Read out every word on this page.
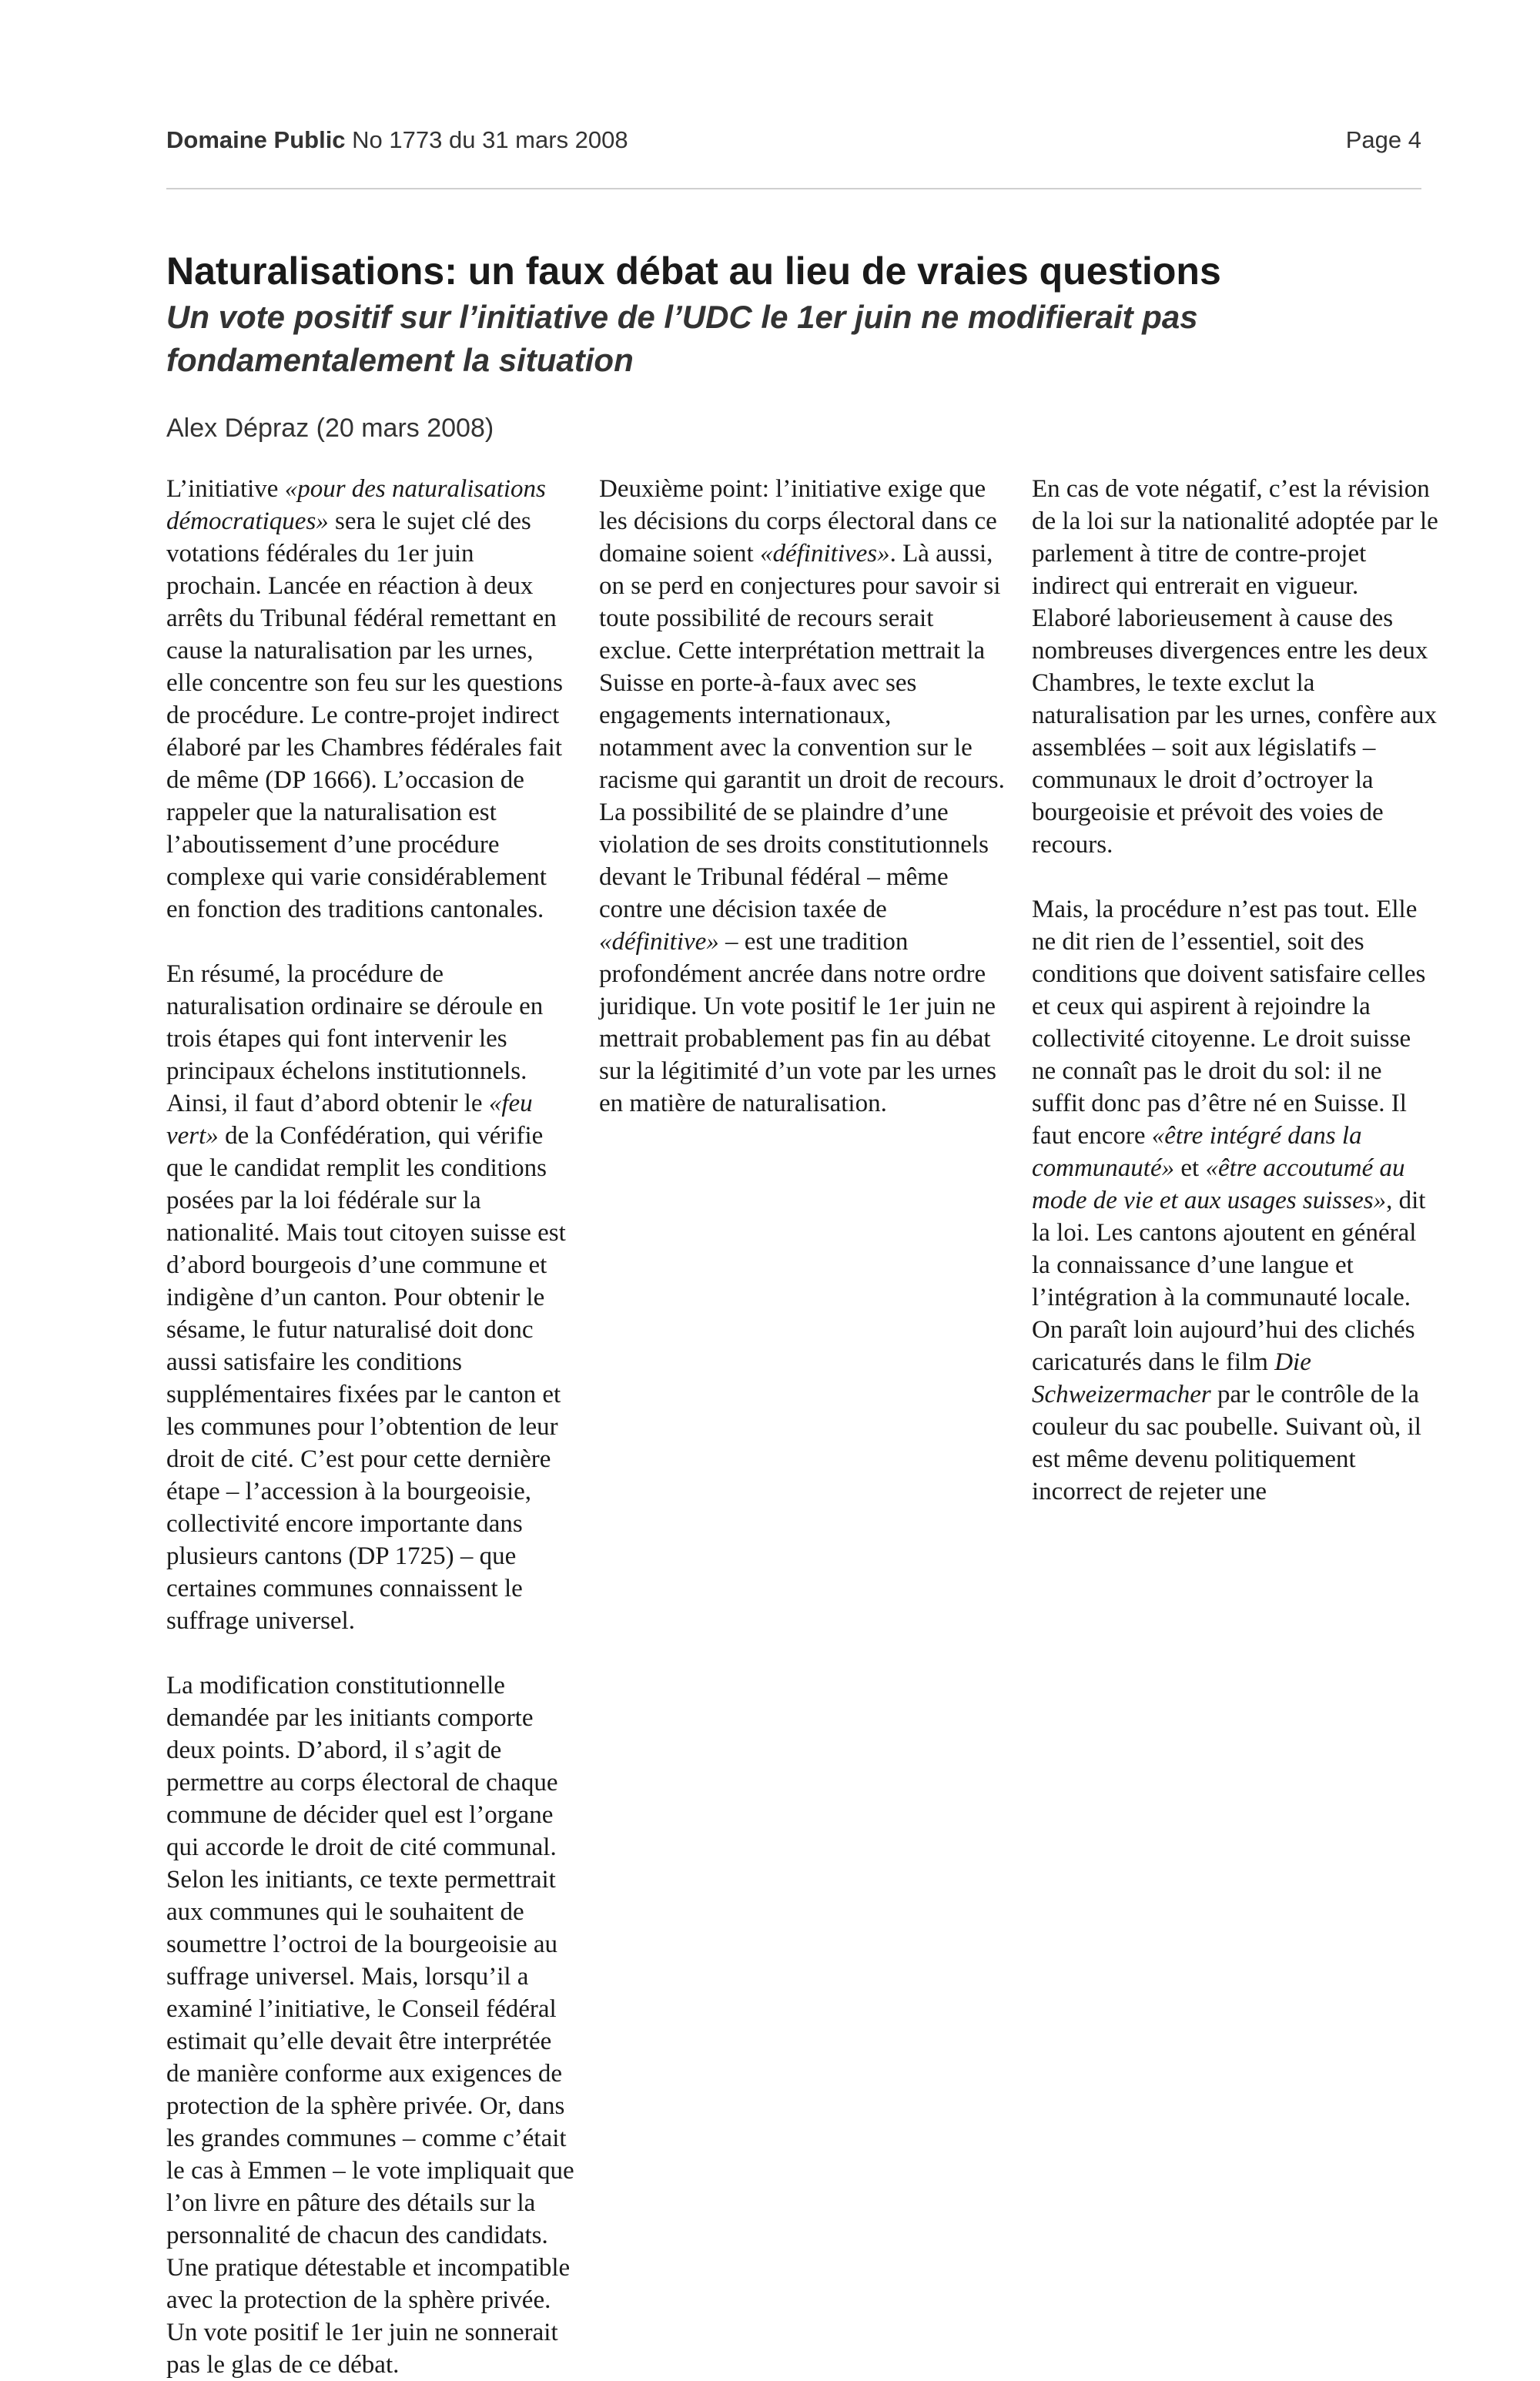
Domaine Public No 1773 du 31 mars 2008	Page 4
Naturalisations: un faux débat au lieu de vraies questions
Un vote positif sur l’initiative de l’UDC le 1er juin ne modifierait pas fondamentalement la situation
Alex Dépraz (20 mars 2008)

L’initiative «pour des naturalisations démocratiques» sera le sujet clé des votations fédérales du 1er juin prochain. Lancée en réaction à deux arrêts du Tribunal fédéral remettant en cause la naturalisation par les urnes, elle concentre son feu sur les questions de procédure. Le contre-projet indirect élaboré par les Chambres fédérales fait de même (DP 1666). L’occasion de rappeler que la naturalisation est l’aboutissement d’une procédure complexe qui varie considérablement en fonction des traditions cantonales.

En résumé, la procédure de naturalisation ordinaire se déroule en trois étapes qui font intervenir les principaux échelons institutionnels. Ainsi, il faut d’abord obtenir le «feu vert» de la Confédération, qui vérifie que le candidat remplit les conditions posées par la loi fédérale sur la nationalité. Mais tout citoyen suisse est d’abord bourgeois d’une commune et indigène d’un canton. Pour obtenir le sésame, le futur naturalisé doit donc aussi satisfaire les conditions supplémentaires fixées par le canton et les communes pour l’obtention de leur droit de cité. C’est pour cette dernière étape – l’accession à la bourgeoisie, collectivité encore importante dans plusieurs cantons (DP 1725) – que certaines communes connaissent le suffrage universel.

La modification constitutionnelle demandée par les initiants comporte deux points. D’abord, il s’agit de permettre au corps électoral de chaque commune de décider quel est l’organe qui accorde le droit de cité communal. Selon les initiants, ce texte permettrait aux communes qui le souhaitent de soumettre l’octroi de la bourgeoisie au suffrage universel. Mais, lorsqu’il a examiné l’initiative, le Conseil fédéral estimait qu’elle devait être interprétée de manière conforme aux exigences de protection de la sphère privée. Or, dans les grandes communes – comme c’était le cas à Emmen – le vote impliquait que l’on livre en pâture des détails sur la personnalité de chacun des candidats. Une pratique détestable et incompatible avec la protection de la sphère privée. Un vote positif le 1er juin ne sonnerait pas le glas de ce débat.

Deuxième point: l’initiative exige que les décisions du corps électoral dans ce domaine soient «définitives». Là aussi, on se perd en conjectures pour savoir si toute possibilité de recours serait exclue. Cette interprétation mettrait la Suisse en porte-à-faux avec ses engagements internationaux, notamment avec la convention sur le racisme qui garantit un droit de recours. La possibilité de se plaindre d’une violation de ses droits constitutionnels devant le Tribunal fédéral – même contre une décision taxée de «définitive» – est une tradition profondément ancrée dans notre ordre juridique. Un vote positif le 1er juin ne mettrait probablement pas fin au débat sur la légitimité d’un vote par les urnes en matière de naturalisation.

En cas de vote négatif, c’est la révision de la loi sur la nationalité adoptée par le parlement à titre de contre-projet indirect qui entrerait en vigueur. Elaboré laborieusement à cause des nombreuses divergences entre les deux Chambres, le texte exclut la naturalisation par les urnes, confère aux assemblées – soit aux législatifs – communaux le droit d’octroyer la bourgeoisie et prévoit des voies de recours.

Mais, la procédure n’est pas tout. Elle ne dit rien de l’essentiel, soit des conditions que doivent satisfaire celles et ceux qui aspirent à rejoindre la collectivité citoyenne. Le droit suisse ne connaît pas le droit du sol: il ne suffit donc pas d’être né en Suisse. Il faut encore «être intégré dans la communauté» et «être accoutumé au mode de vie et aux usages suisses», dit la loi. Les cantons ajoutent en général la connaissance d’une langue et l’intégration à la communauté locale. On paraît loin aujourd’hui des clichés caricaturés dans le film Die Schweizermacher par le contrôle de la couleur du sac poubelle. Suivant où, il est même devenu politiquement incorrect de rejeter une
